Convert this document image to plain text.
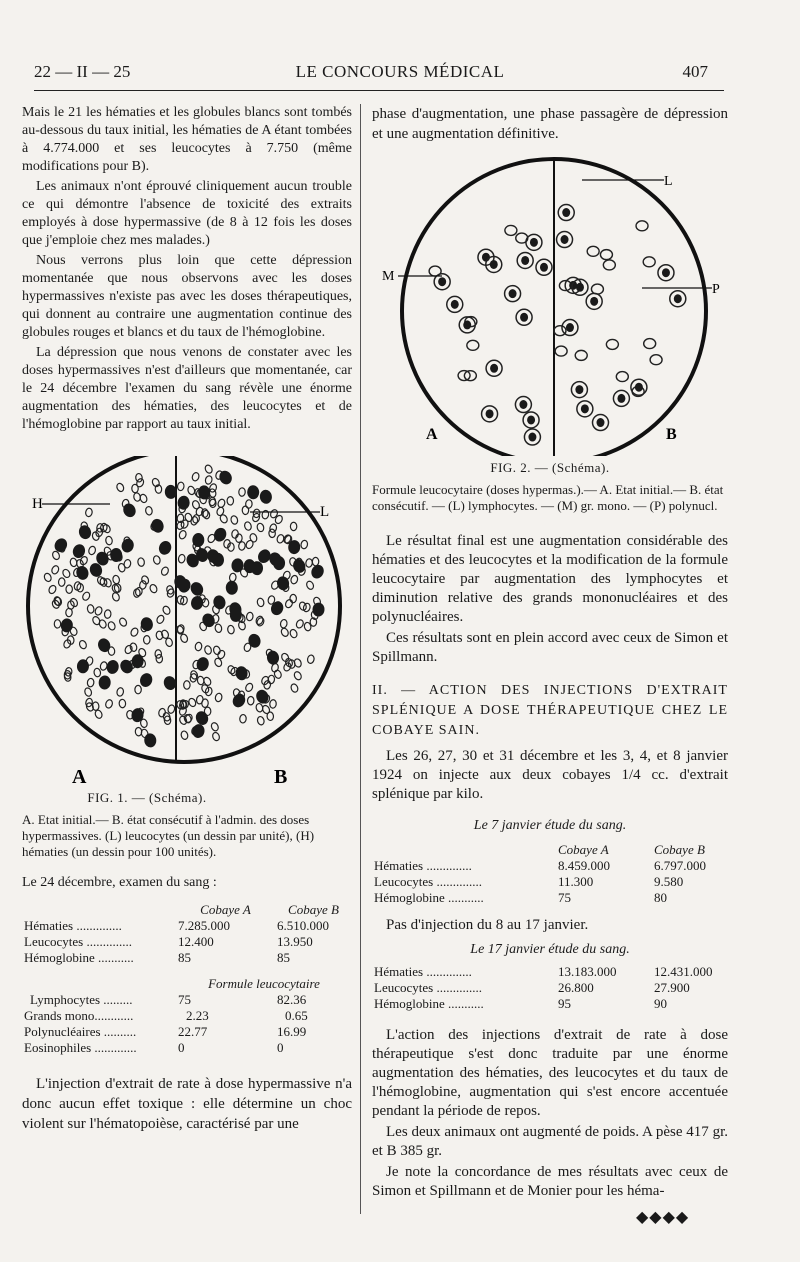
22 — II — 25	LE CONCOURS MÉDICAL	407

Mais le 21 les hématies et les globules blancs sont tombés au-dessous du taux initial, les hématies de A étant tombées à 4.774.000 et ses leucocytes à 7.750 (même modifications pour B).

Les animaux n'ont éprouvé cliniquement aucun trouble ce qui démontre l'absence de toxicité des extraits employés à dose hypermassive (de 8 à 12 fois les doses que j'emploie chez mes malades.)

Nous verrons plus loin que cette dépression momentanée que nous observons avec les doses hypermassives n'existe pas avec les doses thérapeutiques, qui donnent au contraire une augmentation continue des globules rouges et blancs et du taux de l'hémoglobine.

La dépression que nous venons de constater avec les doses hypermassives n'est d'ailleurs que momentanée, car le 24 décembre l'examen du sang révèle une énorme augmentation des hématies, des leucocytes et de l'hémoglobine par rapport au taux initial.

H	L
A	B
FIG. 1. — (Schéma).
A. Etat initial.— B. état consécutif à l'admin. des doses hypermassives. (L) leucocytes (un dessin par unité), (H) hématies (un dessin pour 100 unités).

Le 24 décembre, examen du sang :

	Cobaye A	Cobaye B
Hématies ..............	7.285.000	6.510.000
Leucocytes ..............	12.400	13.950
Hémoglobine ...........	85	85
	Formule leucocytaire	
Lymphocytes .........	75	82.36
Grands mono............	2.23	0.65
Polynucléaires ..........	22.77	16.99
Eosinophiles .............	0	0

L'injection d'extrait de rate à dose hypermassive n'a donc aucun effet toxique : elle détermine un choc violent sur l'hématopoièse, caractérisé par une

phase d'augmentation, une phase passagère de dépression et une augmentation définitive.

L
M
P
A	B
FIG. 2. — (Schéma).
Formule leucocytaire (doses hypermas.).— A. Etat initial.— B. état consécutif. — (L) lymphocytes. — (M) gr. mono. — (P) polynucl.

Le résultat final est une augmentation considérable des hématies et des leucocytes et la modification de la formule leucocytaire par augmentation des lymphocytes et diminution relative des grands mononucléaires et des polynucléaires.

Ces résultats sont en plein accord avec ceux de Simon et Spillmann.

II. — ACTION DES INJECTIONS D'EXTRAIT SPLÉNIQUE A DOSE THÉRAPEUTIQUE CHEZ LE COBAYE SAIN.

Les 26, 27, 30 et 31 décembre et les 3, 4, et 8 janvier 1924 on injecte aux deux cobayes 1/4 cc. d'extrait splénique par kilo.

Le 7 janvier étude du sang.
	Cobaye A	Cobaye B
Hématies ..............	8.459.000	6.797.000
Leucocytes ..............	11.300	9.580
Hémoglobine ...........	75	80

Pas d'injection du 8 au 17 janvier.

Le 17 janvier étude du sang.
Hématies ..............	13.183.000	12.431.000
Leucocytes ..............	26.800	27.900
Hémoglobine ...........	95	90

L'action des injections d'extrait de rate à dose thérapeutique s'est donc traduite par une énorme augmentation des hématies, des leucocytes et du taux de l'hémoglobine, augmentation qui s'est encore accentuée pendant la période de repos.

Les deux animaux ont augmenté de poids. A pèse 417 gr. et B 385 gr.

Je note la concordance de mes résultats avec ceux de Simon et Spillmann et de Monier pour les héma-

◆◆◆◆
